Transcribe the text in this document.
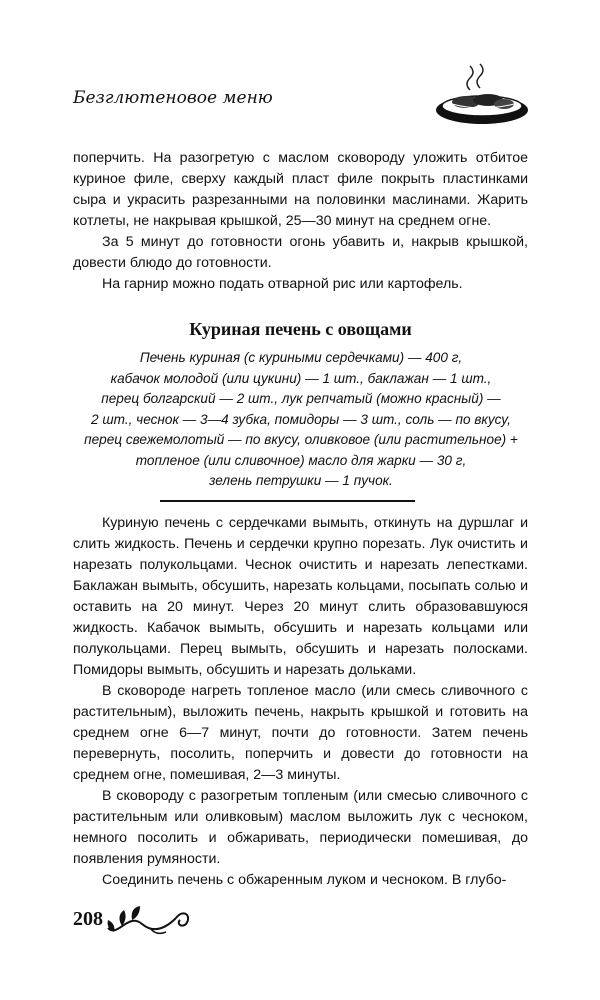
Безглютеновое меню

поперчить. На разогретую с маслом сковороду уложить отбитое куриное филе, сверху каждый пласт филе покрыть пластинками сыра и украсить разрезанными на половинки маслинами. Жарить котлеты, не накрывая крышкой, 25—30 минут на среднем огне.

За 5 минут до готовности огонь убавить и, накрыв крышкой, довести блюдо до готовности.

На гарнир можно подать отварной рис или картофель.

Куриная печень с овощами
Печень куриная (с куриными сердечками) — 400 г,
кабачок молодой (или цукини) — 1 шт., баклажан — 1 шт.,
перец болгарский — 2 шт., лук репчатый (можно красный) —
2 шт., чеснок — 3—4 зубка, помидоры — 3 шт., соль — по вкусу,
перец свежемолотый — по вкусу, оливковое (или растительное) +
топленое (или сливочное) масло для жарки — 30 г,
зелень петрушки — 1 пучок.

Куриную печень с сердечками вымыть, откинуть на дуршлаг и слить жидкость. Печень и сердечки крупно порезать. Лук очистить и нарезать полукольцами. Чеснок очистить и нарезать лепестками. Баклажан вымыть, обсушить, нарезать кольцами, посыпать солью и оставить на 20 минут. Через 20 минут слить образовавшуюся жидкость. Кабачок вымыть, обсушить и нарезать кольцами или полукольцами. Перец вымыть, обсушить и нарезать полосками. Помидоры вымыть, обсушить и нарезать дольками.

В сковороде нагреть топленое масло (или смесь сливочного с растительным), выложить печень, накрыть крышкой и готовить на среднем огне 6—7 минут, почти до готовности. Затем печень перевернуть, посолить, поперчить и довести до готовности на среднем огне, помешивая, 2—3 минуты.

В сковороду с разогретым топленым (или смесью сливочного с растительным или оливковым) маслом выложить лук с чесноком, немного посолить и обжаривать, периодически помешивая, до появления румяности.

Соединить печень с обжаренным луком и чесноком. В глубо-

208
